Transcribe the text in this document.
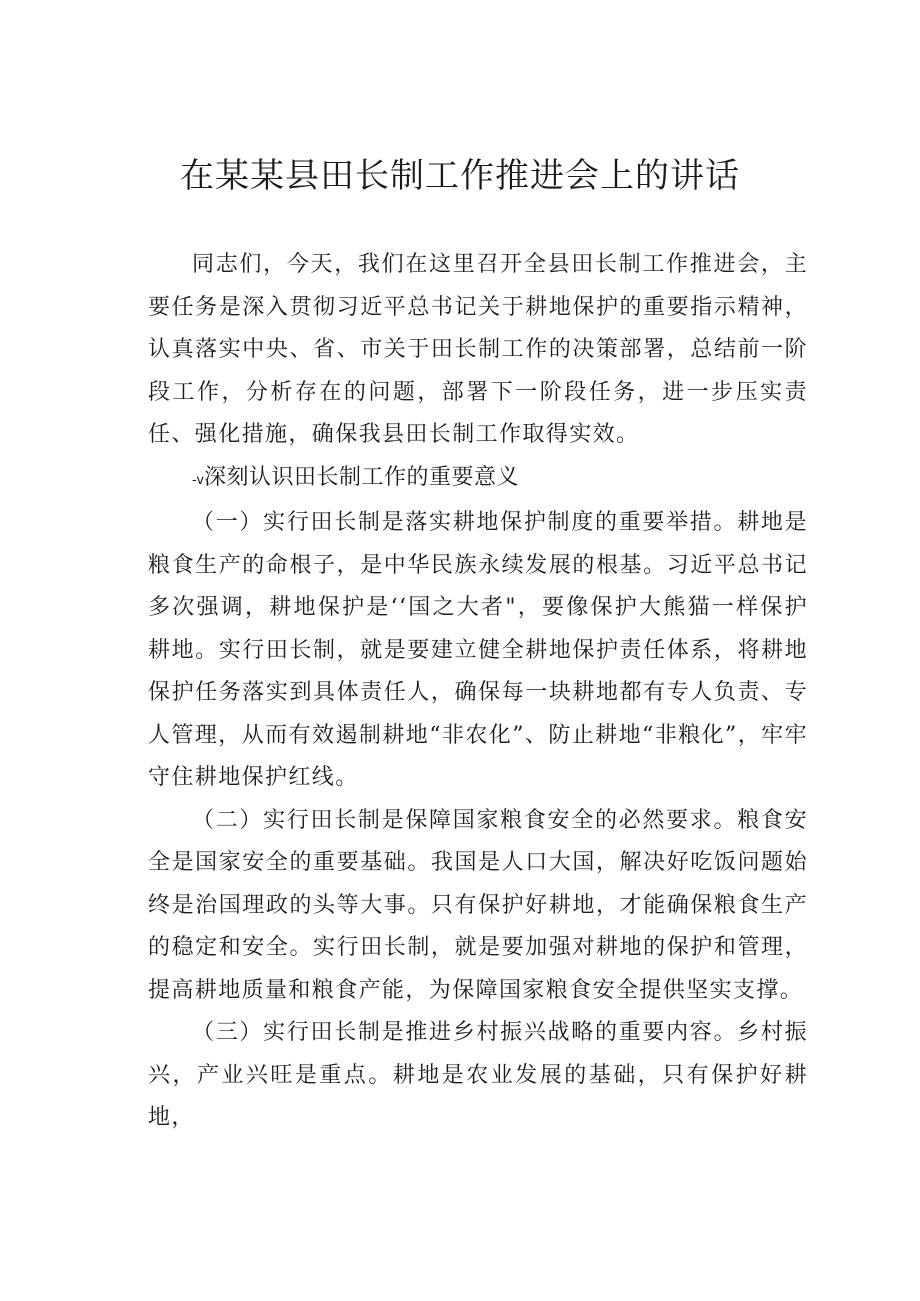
在某某县田长制工作推进会上的讲话

同志们，今天，我们在这里召开全县田长制工作推进会，主要任务是深入贯彻习近平总书记关于耕地保护的重要指示精神，认真落实中央、省、市关于田长制工作的决策部署，总结前一阶段工作，分析存在的问题，部署下一阶段任务，进一步压实责任、强化措施，确保我县田长制工作取得实效。

-v深刻认识田长制工作的重要意义

（一）实行田长制是落实耕地保护制度的重要举措。耕地是粮食生产的命根子，是中华民族永续发展的根基。习近平总书记多次强调，耕地保护是‘‘国之大者"，要像保护大熊猫一样保护耕地。实行田长制，就是要建立健全耕地保护责任体系，将耕地保护任务落实到具体责任人，确保每一块耕地都有专人负责、专人管理，从而有效遏制耕地“非农化”、防止耕地“非粮化”，牢牢守住耕地保护红线。

（二）实行田长制是保障国家粮食安全的必然要求。粮食安全是国家安全的重要基础。我国是人口大国，解决好吃饭问题始终是治国理政的头等大事。只有保护好耕地，才能确保粮食生产的稳定和安全。实行田长制，就是要加强对耕地的保护和管理，提高耕地质量和粮食产能，为保障国家粮食安全提供坚实支撑。

（三）实行田长制是推进乡村振兴战略的重要内容。乡村振兴，产业兴旺是重点。耕地是农业发展的基础，只有保护好耕地，
